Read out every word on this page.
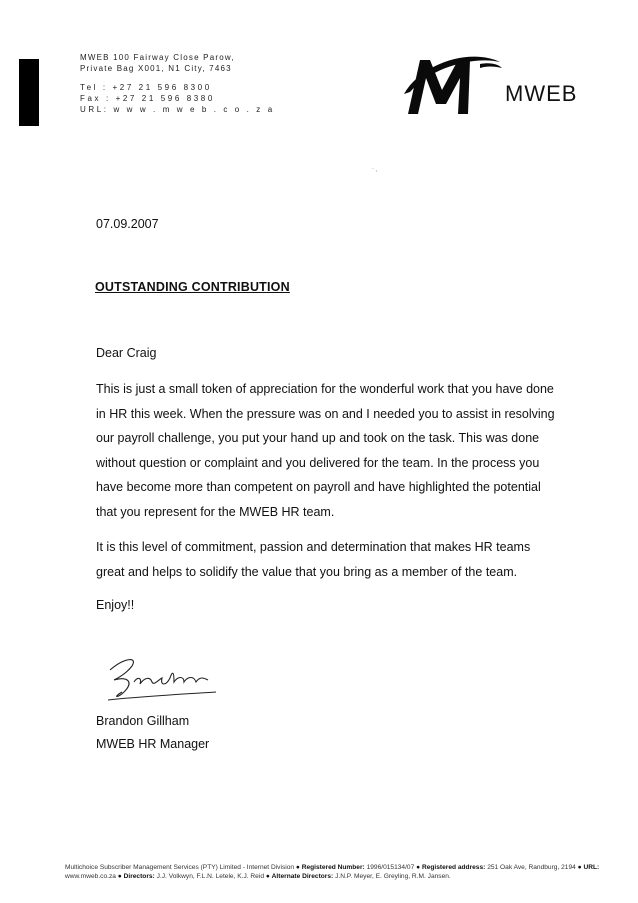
MWEB 100 Fairway Close Parow,
Private Bag X001, N1 City, 7463
Tel : +27 21 596 8300
Fax : +27 21 596 8380
URL: w w w . m w e b . c o . z a
MWEB
· ˛
07.09.2007
OUTSTANDING CONTRIBUTION
Dear Craig

This is just a small token of appreciation for the wonderful work that you have done in HR this week. When the pressure was on and I needed you to assist in resolving our payroll challenge, you put your hand up and took on the task. This was done without question or complaint and you delivered for the team. In the process you have become more than competent on payroll and have highlighted the potential that you represent for the MWEB HR team.

It is this level of commitment, passion and determination that makes HR teams great and helps to solidify the value that you bring as a member of the team.

Enjoy!!
Brandon Gillham
MWEB HR Manager
Multichoice Subscriber Management Services (PTY) Limited - Internet Division ● Registered Number: 1996/015134/07 ● Registered address: 251 Oak Ave, Randburg, 2194 ● URL: www.mweb.co.za ● Directors: J.J. Volkwyn, F.L.N. Letele, K.J. Reid ● Alternate Directors: J.N.P. Meyer, E. Greyling, R.M. Jansen.
